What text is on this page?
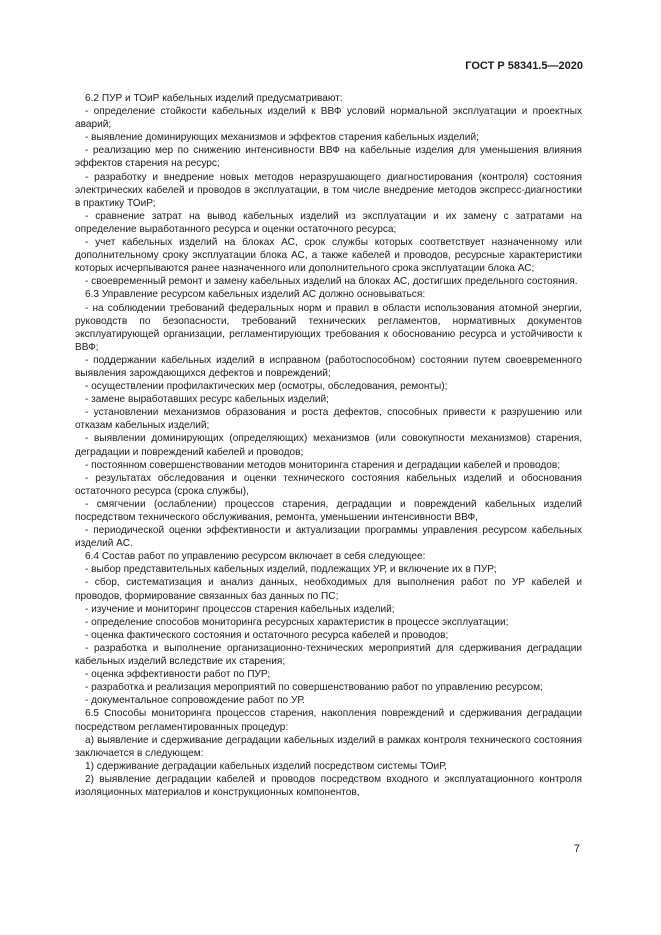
ГОСТ Р 58341.5—2020

6.2 ПУР и ТОиР кабельных изделий предусматривают:

- определение стойкости кабельных изделий к ВВФ условий нормальной эксплуатации и проектных аварий;

- выявление доминирующих механизмов и эффектов старения кабельных изделий;

- реализацию мер по снижению интенсивности ВВФ на кабельные изделия для уменьшения влияния эффектов старения на ресурс;

- разработку и внедрение новых методов неразрушающего диагностирования (контроля) состояния электрических кабелей и проводов в эксплуатации, в том числе внедрение методов экспресс-диагностики в практику ТОиР;

- сравнение затрат на вывод кабельных изделий из эксплуатации и их замену с затратами на определение выработанного ресурса и оценки остаточного ресурса;

- учет кабельных изделий на блоках АС, срок службы которых соответствует назначенному или дополнительному сроку эксплуатации блока АС, а также кабелей и проводов, ресурсные характеристики которых исчерпываются ранее назначенного или дополнительного срока эксплуатации блока АС;

- своевременный ремонт и замену кабельных изделий на блоках АС, достигших предельного состояния.

6.3 Управление ресурсом кабельных изделий АС должно основываться:

- на соблюдении требований федеральных норм и правил в области использования атомной энергии, руководств по безопасности, требований технических регламентов, нормативных документов эксплуатирующей организации, регламентирующих требования к обоснованию ресурса и устойчивости к ВВФ;

- поддержании кабельных изделий в исправном (работоспособном) состоянии путем своевременного выявления зарождающихся дефектов и повреждений;

- осуществлении профилактических мер (осмотры, обследования, ремонты);

- замене выработавших ресурс кабельных изделий;

- установлении механизмов образования и роста дефектов, способных привести к разрушению или отказам кабельных изделий;

- выявлении доминирующих (определяющих) механизмов (или совокупности механизмов) старения, деградации и повреждений кабелей и проводов;

- постоянном совершенствовании методов мониторинга старения и деградации кабелей и проводов;

- результатах обследования и оценки технического состояния кабельных изделий и обоснования остаточного ресурса (срока службы),

- смягчении (ослаблении) процессов старения, деградации и повреждений кабельных изделий посредством технического обслуживания, ремонта, уменьшении интенсивности ВВФ,

- периодической оценки эффективности и актуализации программы управления ресурсом кабельных изделий АС.

6.4 Состав работ по управлению ресурсом включает в себя следующее:

- выбор представительных кабельных изделий, подлежащих УР, и включение их в ПУР;

- сбор, систематизация и анализ данных, необходимых для выполнения работ по УР кабелей и проводов, формирование связанных баз данных по ПС;

- изучение и мониторинг процессов старения кабельных изделий;

- определение способов мониторинга ресурсных характеристик в процессе эксплуатации;

- оценка фактического состояния и остаточного ресурса кабелей и проводов;

- разработка и выполнение организационно-технических мероприятий для сдерживания деградации кабельных изделий вследствие их старения;

- оценка эффективности работ по ПУР;

- разработка и реализация мероприятий по совершенствованию работ по управлению ресурсом;

- документальное сопровождение работ по УР.

6.5 Способы мониторинга процессов старения, накопления повреждений и сдерживания деградации посредством регламентированных процедур:

а) выявление и сдерживание деградации кабельных изделий в рамках контроля технического состояния заключается в следующем:

1) сдерживание деградации кабельных изделий посредством системы ТОиР,

2) выявление деградации кабелей и проводов посредством входного и эксплуатационного контроля изоляционных материалов и конструкционных компонентов,

7
